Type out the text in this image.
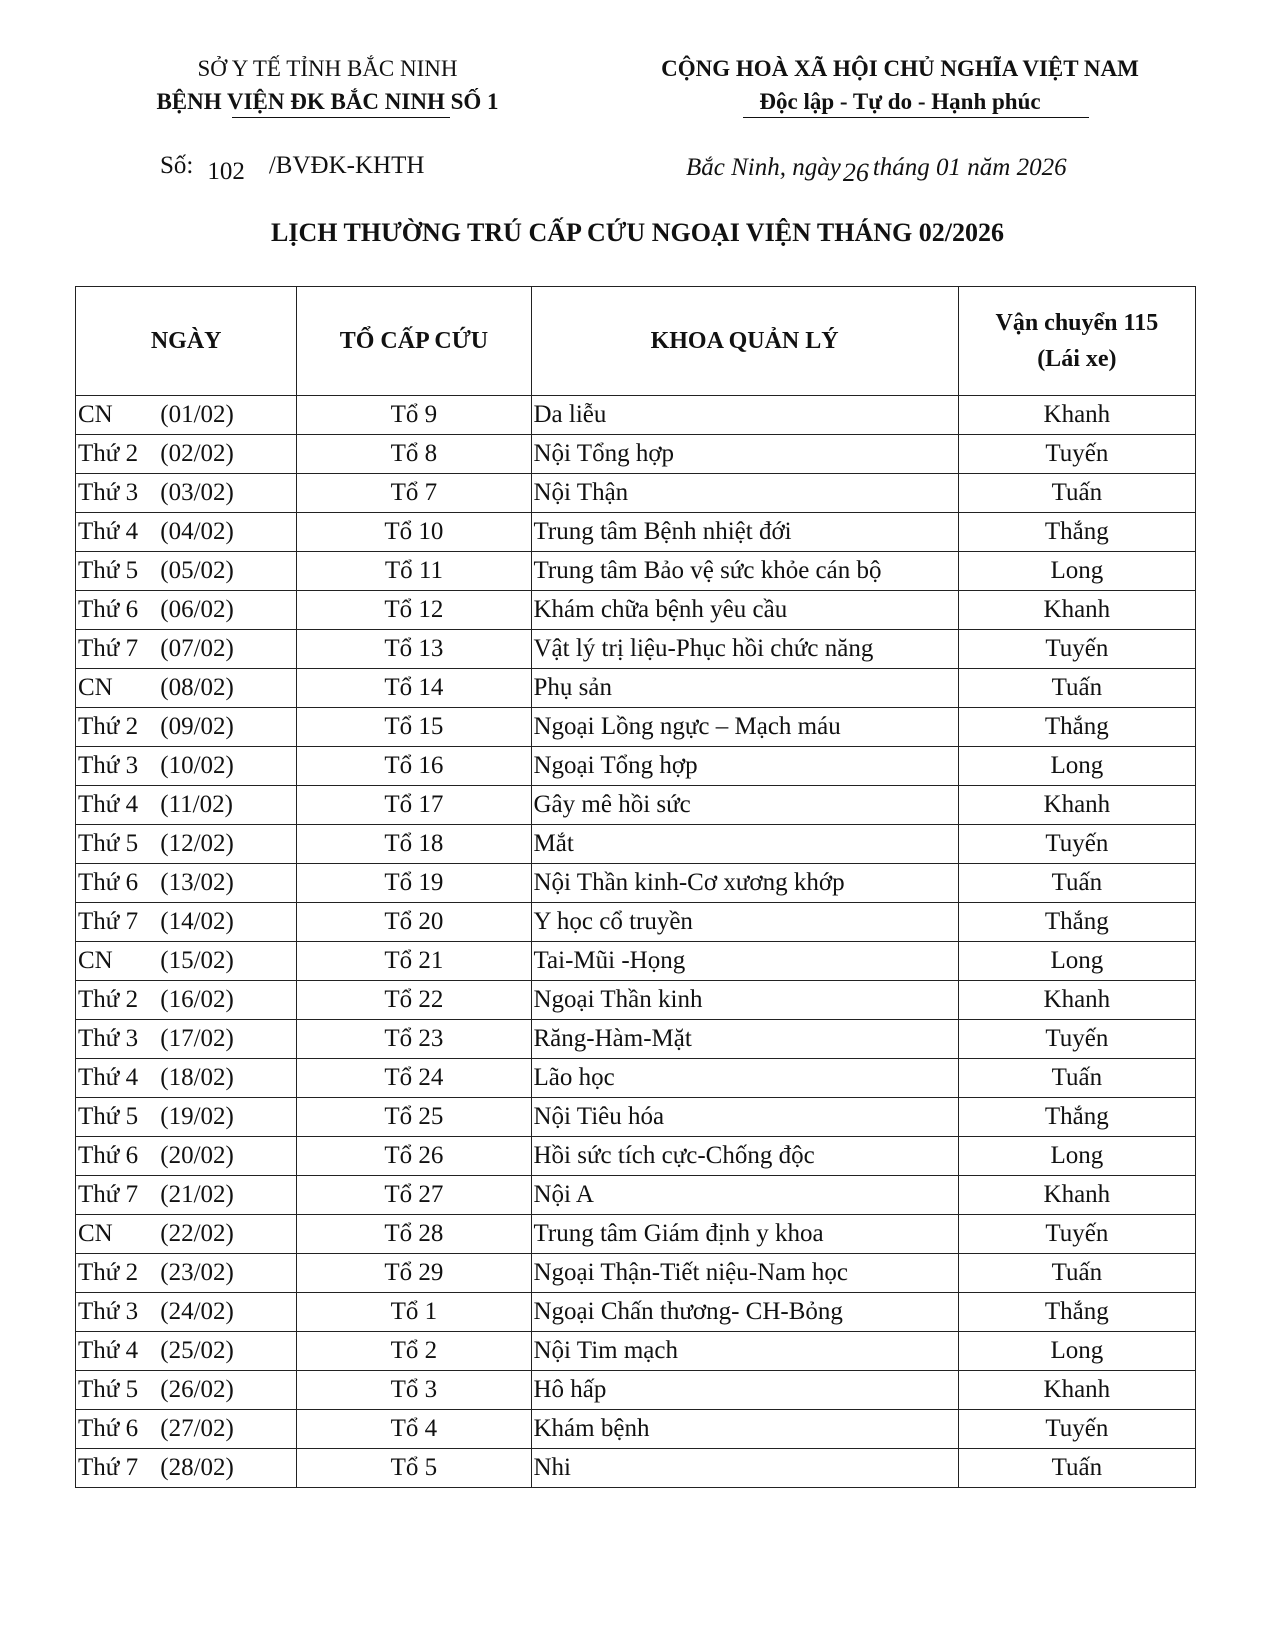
SỞ Y TẾ TỈNH BẮC NINH
BỆNH VIỆN ĐK BẮC NINH SỐ 1
CỘNG HOÀ XÃ HỘI CHỦ NGHĨA VIỆT NAM
Độc lập - Tự do - Hạnh phúc
Số: 102 /BVĐK-KHTH	Bắc Ninh, ngày26 tháng 01 năm 2026
LỊCH THƯỜNG TRÚ CẤP CỨU NGOẠI VIỆN THÁNG 02/2026
NGÀY	TỔ CẤP CỨU	KHOA QUẢN LÝ	Vận chuyển 115
(Lái xe)

CN (01/02)	Tổ 9	Da liễu	Khanh
Thứ 2 (02/02)	Tổ 8	Nội Tổng hợp	Tuyến
Thứ 3 (03/02)	Tổ 7	Nội Thận	Tuấn
Thứ 4 (04/02)	Tổ 10	Trung tâm Bệnh nhiệt đới	Thắng
Thứ 5 (05/02)	Tổ 11	Trung tâm Bảo vệ sức khỏe cán bộ	Long
Thứ 6 (06/02)	Tổ 12	Khám chữa bệnh yêu cầu	Khanh
Thứ 7 (07/02)	Tổ 13	Vật lý trị liệu-Phục hồi chức năng	Tuyến
CN (08/02)	Tổ 14	Phụ sản	Tuấn
Thứ 2 (09/02)	Tổ 15	Ngoại Lồng ngực – Mạch máu	Thắng
Thứ 3 (10/02)	Tổ 16	Ngoại Tổng hợp	Long
Thứ 4 (11/02)	Tổ 17	Gây mê hồi sức	Khanh
Thứ 5 (12/02)	Tổ 18	Mắt	Tuyến
Thứ 6 (13/02)	Tổ 19	Nội Thần kinh-Cơ xương khớp	Tuấn
Thứ 7 (14/02)	Tổ 20	Y học cổ truyền	Thắng
CN (15/02)	Tổ 21	Tai-Mũi -Họng	Long
Thứ 2 (16/02)	Tổ 22	Ngoại Thần kinh	Khanh
Thứ 3 (17/02)	Tổ 23	Răng-Hàm-Mặt	Tuyến
Thứ 4 (18/02)	Tổ 24	Lão học	Tuấn
Thứ 5 (19/02)	Tổ 25	Nội Tiêu hóa	Thắng
Thứ 6 (20/02)	Tổ 26	Hồi sức tích cực-Chống độc	Long
Thứ 7 (21/02)	Tổ 27	Nội A	Khanh
CN (22/02)	Tổ 28	Trung tâm Giám định y khoa	Tuyến
Thứ 2 (23/02)	Tổ 29	Ngoại Thận-Tiết niệu-Nam học	Tuấn
Thứ 3 (24/02)	Tổ 1	Ngoại Chấn thương- CH-Bỏng	Thắng
Thứ 4 (25/02)	Tổ 2	Nội Tim mạch	Long
Thứ 5 (26/02)	Tổ 3	Hô hấp	Khanh
Thứ 6 (27/02)	Tổ 4	Khám bệnh	Tuyến
Thứ 7 (28/02)	Tổ 5	Nhi	Tuấn
